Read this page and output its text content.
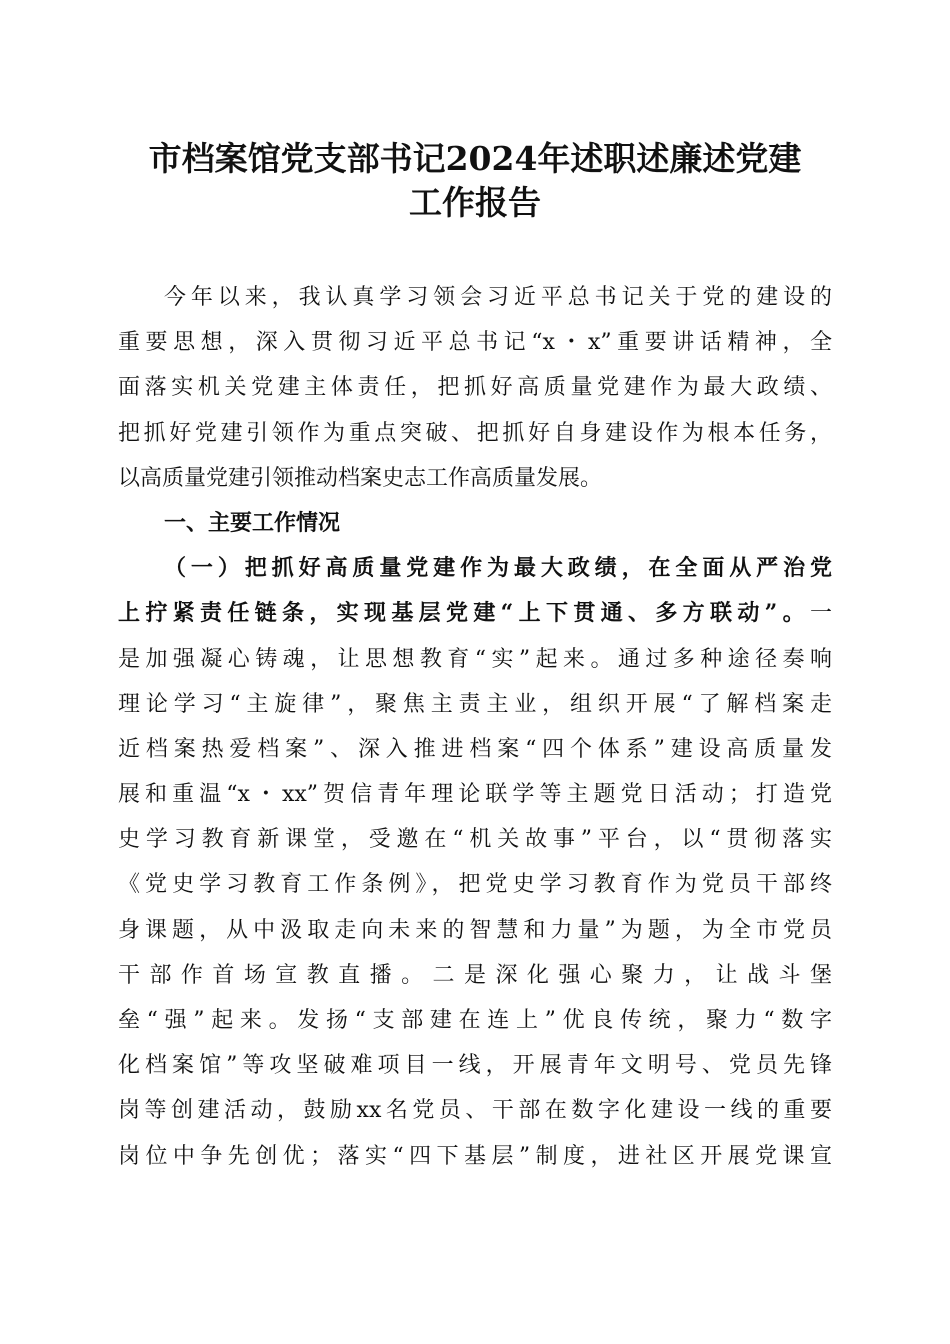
市档案馆党支部书记2024年述职述廉述党建
工作报告
今年以来，我认真学习领会习近平总书记关于党的建设的
重要思想，深入贯彻习近平总书记“x・x”重要讲话精神，全
面落实机关党建主体责任，把抓好高质量党建作为最大政绩、
把抓好党建引领作为重点突破、把抓好自身建设作为根本任务，
以高质量党建引领推动档案史志工作高质量发展。
一、主要工作情况
（一）把抓好高质量党建作为最大政绩，在全面从严治党
上拧紧责任链条，实现基层党建“上下贯通、多方联动”。一
是加强凝心铸魂，让思想教育“实”起来。通过多种途径奏响
理论学习“主旋律”，聚焦主责主业，组织开展“了解档案走
近档案热爱档案”、深入推进档案“四个体系”建设高质量发
展和重温“x・xx”贺信青年理论联学等主题党日活动；打造党
史学习教育新课堂，受邀在“机关故事”平台，以“贯彻落实
《党史学习教育工作条例》，把党史学习教育作为党员干部终
身课题，从中汲取走向未来的智慧和力量”为题，为全市党员
干部作首场宣教直播。二是深化强心聚力，让战斗堡
垒“强”起来。发扬“支部建在连上”优良传统，聚力“数字
化档案馆”等攻坚破难项目一线，开展青年文明号、党员先锋
岗等创建活动，鼓励xx名党员、干部在数字化建设一线的重要
岗位中争先创优；落实“四下基层”制度，进社区开展党课宣
